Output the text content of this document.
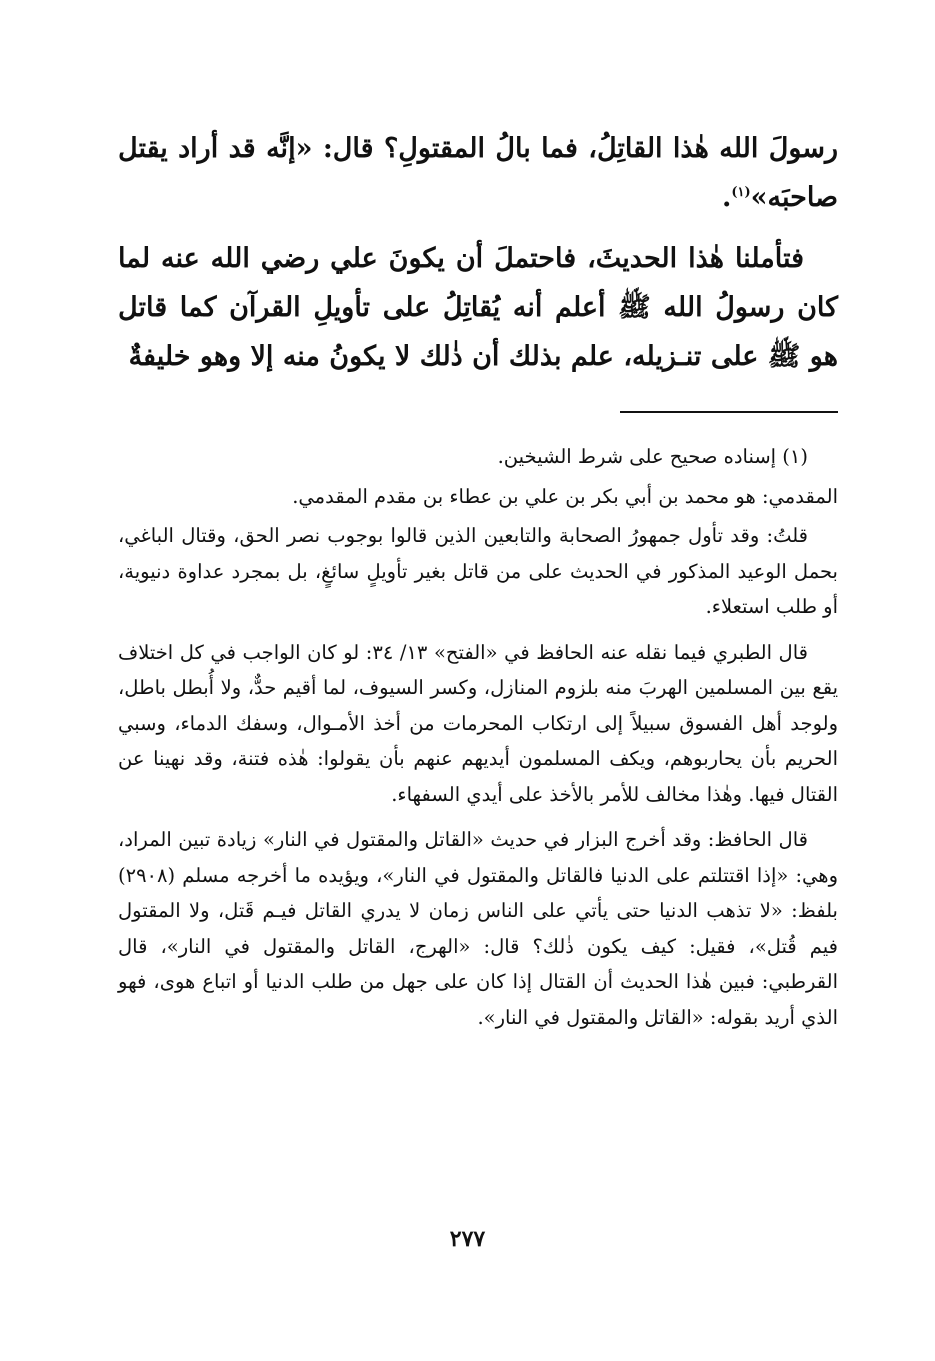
رسولَ الله هٰذا القاتِلُ، فما بالُ المقتولِ؟ قال: «إنَّه قد أراد يقتل صاحبَه»$^{(١)}$.

فتأملنا هٰذا الحديثَ، فاحتملَ أن يكونَ علي رضي الله عنه لما كان رسولُ الله ﷺ أعلم أنه يُقاتِلُ على تأويلِ القرآن كما قاتل هو ﷺ على تنـزيله، علم بذلك أن ذٰلك لا يكونُ منه إلا وهو خليفةٌ

(١) إسناده صحيح على شرط الشيخين.

المقدمي: هو محمد بن أبي بكر بن علي بن عطاء بن مقدم المقدمي.

قلتُ: وقد تأول جمهورُ الصحابة والتابعين الذين قالوا بوجوب نصر الحق، وقتال الباغي، بحمل الوعيد المذكور في الحديث على من قاتل بغير تأويلٍ سائغٍ، بل بمجرد عداوة دنيوية، أو طلب استعلاء.

قال الطبري فيما نقله عنه الحافظ في «الفتح» ١٣/ ٣٤: لو كان الواجب في كل اختلاف يقع بين المسلمين الهربَ منه بلزوم المنازل، وكسر السيوف، لما أقيم حدٌّ، ولا أُبطل باطل، ولوجد أهل الفسوق سبيلاً إلى ارتكاب المحرمات من أخذ الأمـوال، وسفك الدماء، وسبي الحريم بأن يحاربوهم، ويكف المسلمون أيديهم عنهم بأن يقولوا: هٰذه فتنة، وقد نهينا عن القتال فيها. وهٰذا مخالف للأمر بالأخذ على أيدي السفهاء.

قال الحافظ: وقد أخرج البزار في حديث «القاتل والمقتول في النار» زيادة تبين المراد، وهي: «إذا اقتتلتم على الدنيا فالقاتل والمقتول في النار»، ويؤيده ما أخرجه مسلم (٢٩٠٨) بلفظ: «لا تذهب الدنيا حتى يأتي على الناس زمان لا يدري القاتل فيـم قَتل، ولا المقتول فيم قُتل»، فقيل: كيف يكون ذٰلك؟ قال: «الهرج، القاتل والمقتول في النار»، قال القرطبي: فبين هٰذا الحديث أن القتال إذا كان على جهل من طلب الدنيا أو اتباع هوى، فهو الذي أريد بقوله: «القاتل والمقتول في النار».

٢٧٧
